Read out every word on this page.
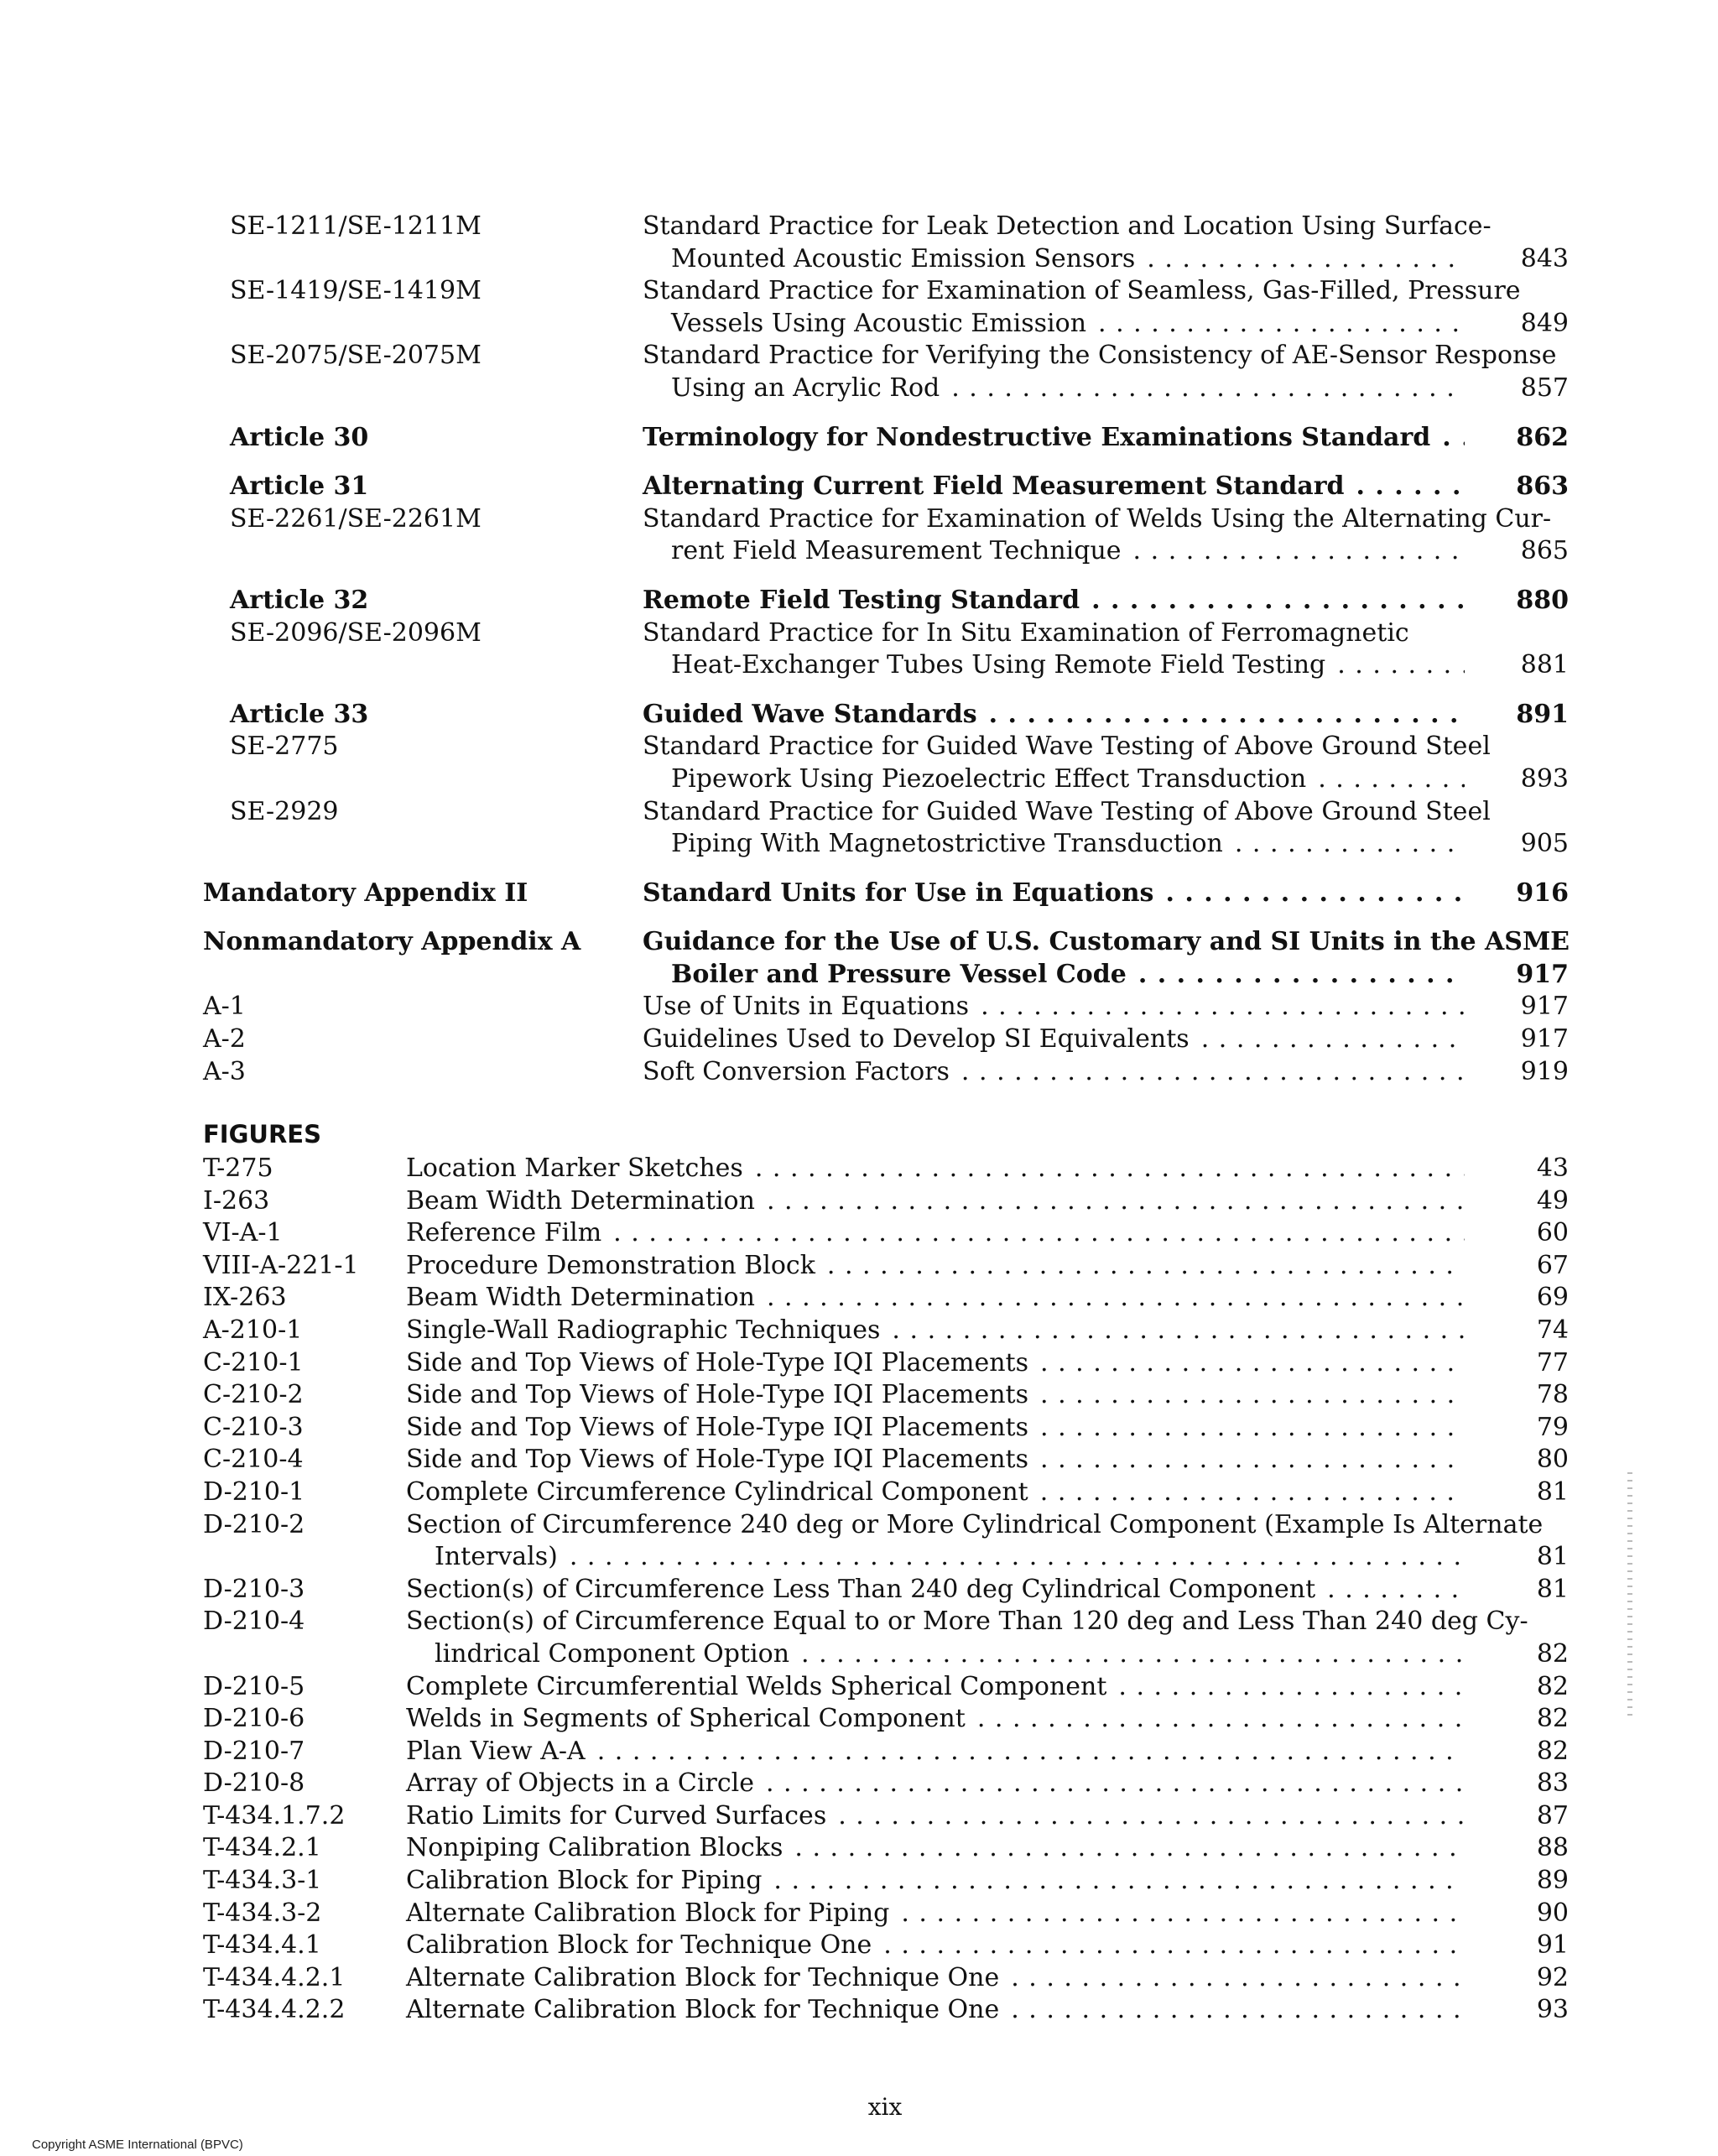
SE-1211/SE-1211M	Standard Practice for Leak Detection and Location Using Surface-
Mounted Acoustic Emission Sensors . . .	843
SE-1419/SE-1419M	Standard Practice for Examination of Seamless, Gas-Filled, Pressure
Vessels Using Acoustic Emission . . .	849
SE-2075/SE-2075M	Standard Practice for Verifying the Consistency of AE-Sensor Response
Using an Acrylic Rod . . .	857
Article 30	Terminology for Nondestructive Examinations Standard . . .	862
Article 31	Alternating Current Field Measurement Standard . . .	863
SE-2261/SE-2261M	Standard Practice for Examination of Welds Using the Alternating Cur-
rent Field Measurement Technique . . .	865
Article 32	Remote Field Testing Standard . . .	880
SE-2096/SE-2096M	Standard Practice for In Situ Examination of Ferromagnetic
Heat-Exchanger Tubes Using Remote Field Testing . . .	881
Article 33	Guided Wave Standards . . .	891
SE-2775	Standard Practice for Guided Wave Testing of Above Ground Steel
Pipework Using Piezoelectric Effect Transduction . . .	893
SE-2929	Standard Practice for Guided Wave Testing of Above Ground Steel
Piping With Magnetostrictive Transduction . . .	905
Mandatory Appendix II	Standard Units for Use in Equations . . .	916
Nonmandatory Appendix A Guidance for the Use of U.S. Customary and SI Units in the ASME
Boiler and Pressure Vessel Code . . .	917
A-1	Use of Units in Equations . . .	917
A-2	Guidelines Used to Develop SI Equivalents . . .	917
A-3	Soft Conversion Factors . . .	919
FIGURES
T-275	Location Marker Sketches . . .	43
I-263	Beam Width Determination . . .	49
VI-A-1	Reference Film . . .	60
VIII-A-221-1 Procedure Demonstration Block . . .	67
IX-263	Beam Width Determination . . .	69
A-210-1	Single-Wall Radiographic Techniques . . .	74
C-210-1	Side and Top Views of Hole-Type IQI Placements . . .	77
C-210-2	Side and Top Views of Hole-Type IQI Placements . . .	78
C-210-3	Side and Top Views of Hole-Type IQI Placements . . .	79
C-210-4	Side and Top Views of Hole-Type IQI Placements . . .	80
D-210-1	Complete Circumference Cylindrical Component . . .	81
D-210-2	Section of Circumference 240 deg or More Cylindrical Component (Example Is Alternate
Intervals) . . .	81
D-210-3	Section(s) of Circumference Less Than 240 deg Cylindrical Component . . .	81
D-210-4	Section(s) of Circumference Equal to or More Than 120 deg and Less Than 240 deg Cy-
lindrical Component Option . . .	82
D-210-5	Complete Circumferential Welds Spherical Component . . .	82
D-210-6	Welds in Segments of Spherical Component . . .	82
D-210-7	Plan View A-A . . .	82
D-210-8	Array of Objects in a Circle . . .	83
T-434.1.7.2 Ratio Limits for Curved Surfaces . . .	87
T-434.2.1	Nonpiping Calibration Blocks . . .	88
T-434.3-1	Calibration Block for Piping . . .	89
T-434.3-2	Alternate Calibration Block for Piping . . .	90
T-434.4.1	Calibration Block for Technique One . . .	91
T-434.4.2.1 Alternate Calibration Block for Technique One . . .	92
T-434.4.2.2 Alternate Calibration Block for Technique One . . .	93
xix
Copyright ASME International (BPVC)
